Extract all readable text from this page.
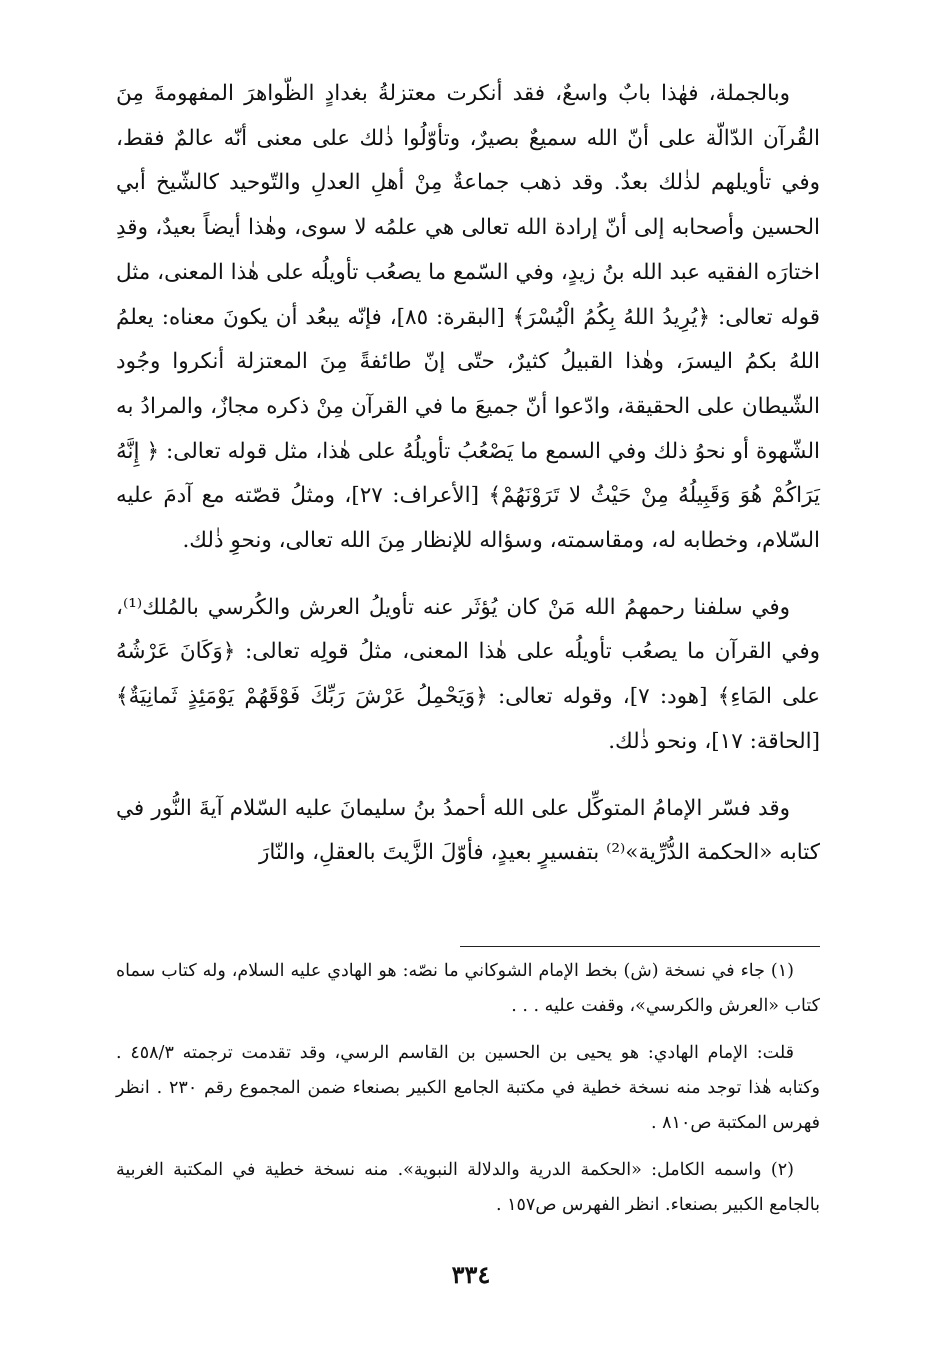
وبالجملة، فهٰذا بابٌ واسعٌ، فقد أنكرت معتزلةُ بغدادٍ الظّواهرَ المفهومةَ مِنَ القُرآن الدّالّة على أنّ الله سميعٌ بصيرٌ، وتأوّلُوا ذٰلك على معنى أنّه عالمٌ فقط، وفي تأويلهم لذٰلك بعدٌ. وقد ذهب جماعةٌ مِنْ أهلِ العدلِ والتّوحيد كالشّيخ أبي الحسين وأصحابه إلى أنّ إرادة الله تعالى هي علمُه لا سوى، وهٰذا أيضاً بعيدٌ، وقدِ اختارَه الفقيه عبد الله بنُ زيدٍ، وفي السّمع ما يصعُب تأويلُه على هٰذا المعنى، مثل قوله تعالى: ﴿يُرِيدُ اللهُ بِكُمُ الْيُسْرَ﴾ [البقرة: ٨٥]، فإنّه يبعُد أن يكونَ معناه: يعلمُ اللهُ بكمُ اليسرَ، وهٰذا القبيلُ كثيرٌ، حتّى إنّ طائفةً مِنَ المعتزلة أنكروا وجُود الشّيطان على الحقيقة، وادّعوا أنّ جميعَ ما في القرآن مِنْ ذكره مجازٌ، والمرادُ به الشّهوة أو نحوُ ذلك وفي السمع ما يَصْعُبُ تأويلُهُ على هٰذا، مثل قوله تعالى: ﴿ إِنَّهُ يَرَاكُمْ هُوَ وَقَبِيلُهُ مِنْ حَيْثُ لا تَرَوْنَهُمْ﴾ [الأعراف: ٢٧]، ومثلُ قصّته مع آدمَ عليه السّلام، وخطابه له، ومقاسمته، وسؤاله للإنظار مِنَ الله تعالى، ونحوِ ذٰلك.

وفي سلفنا رحمهمُ الله مَنْ كان يُؤثَر عنه تأويلُ العرش والكُرسي بالمُلك⁽¹⁾، وفي القرآن ما يصعُب تأويلُه على هٰذا المعنى، مثلُ قولِه تعالى: ﴿وَكَانَ عَرْشُهُ على المَاءِ﴾ [هود: ٧]، وقوله تعالى: ﴿وَيَحْمِلُ عَرْشَ رَبِّكَ فَوْقَهُمْ يَوْمَئِذٍ ثَمانِيَةٌ﴾ [الحاقة: ١٧]، ونحو ذٰلك.

وقد فسّر الإمامُ المتوكِّل على الله أحمدُ بنُ سليمانَ عليه السّلام آيةَ النُّور في كتابه «الحكمة الدُّرِّية»⁽²⁾ بتفسيرٍ بعيدٍ، فأوّلَ الزَّيتَ بالعقلِ، والنّارَ

(١) جاء في نسخة (ش) بخط الإمام الشوكاني ما نصّه: هو الهادي عليه السلام، وله كتاب سماه كتاب «العرش والكرسي»، وقفت عليه . . .

قلت: الإمام الهادي: هو يحيى بن الحسين بن القاسم الرسي، وقد تقدمت ترجمته ٤٥٨/٣ . وكتابه هٰذا توجد منه نسخة خطية في مكتبة الجامع الكبير بصنعاء ضمن المجموع رقم ٢٣٠ . انظر فهرس المكتبة ص٨١٠ .

(٢) واسمه الكامل: «الحكمة الدرية والدلالة النبوية». منه نسخة خطية في المكتبة الغربية بالجامع الكبير بصنعاء. انظر الفهرس ص١٥٧ .

٣٣٤
